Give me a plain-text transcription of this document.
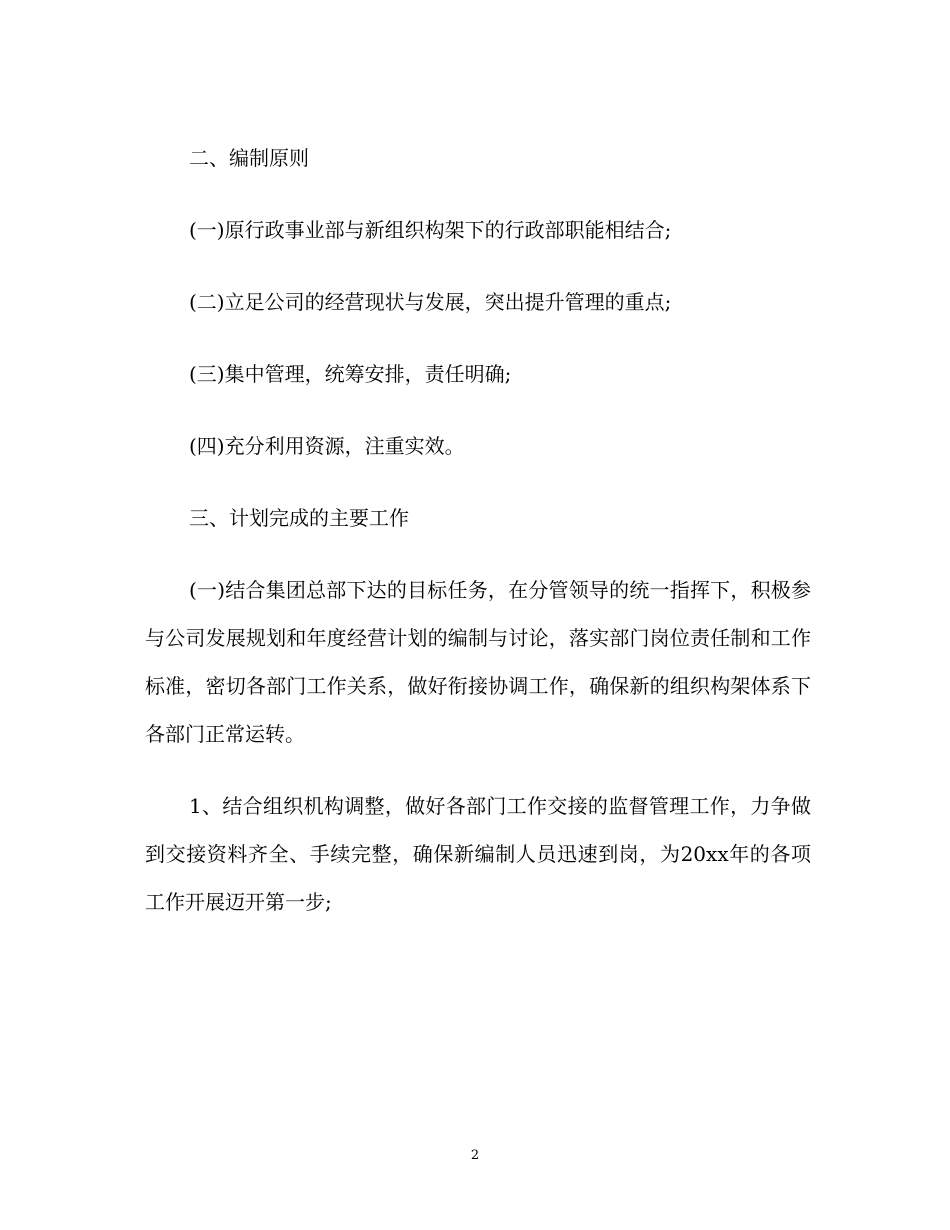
二、编制原则

(一)原行政事业部与新组织构架下的行政部职能相结合;

(二)立足公司的经营现状与发展，突出提升管理的重点;

(三)集中管理，统筹安排，责任明确;

(四)充分利用资源，注重实效。

三、计划完成的主要工作

(一)结合集团总部下达的目标任务，在分管领导的统一指挥下，积极参与公司发展规划和年度经营计划的编制与讨论，落实部门岗位责任制和工作标准，密切各部门工作关系，做好衔接协调工作，确保新的组织构架体系下各部门正常运转。

1、结合组织机构调整，做好各部门工作交接的监督管理工作，力争做到交接资料齐全、手续完整，确保新编制人员迅速到岗，为20xx年的各项工作开展迈开第一步;

2
